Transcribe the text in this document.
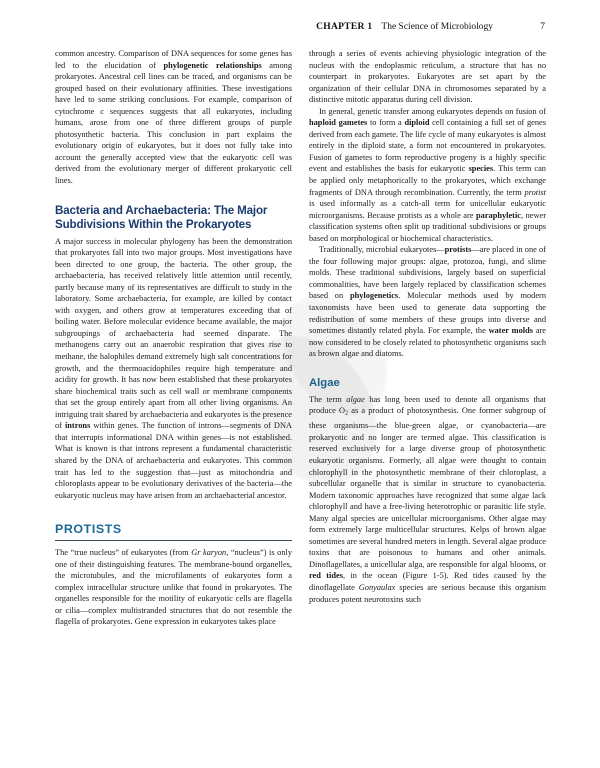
CHAPTER 1 The Science of Microbiology	7

common ancestry. Comparison of DNA sequences for some genes has led to the elucidation of phylogenetic relationships among prokaryotes. Ancestral cell lines can be traced, and organisms can be grouped based on their evolutionary affinities. These investigations have led to some striking conclusions. For example, comparison of cytochrome c sequences suggests that all eukaryotes, including humans, arose from one of three different groups of purple photosynthetic bacteria. This conclusion in part explains the evolutionary origin of eukaryotes, but it does not fully take into account the generally accepted view that the eukaryotic cell was derived from the evolutionary merger of different prokaryotic cell lines.

Bacteria and Archaebacteria: The Major Subdivisions Within the Prokaryotes

A major success in molecular phylogeny has been the demonstration that prokaryotes fall into two major groups. Most investigations have been directed to one group, the bacteria. The other group, the archaebacteria, has received relatively little attention until recently, partly because many of its representatives are difficult to study in the laboratory. Some archaebacteria, for example, are killed by contact with oxygen, and others grow at temperatures exceeding that of boiling water. Before molecular evidence became available, the major subgroupings of archaebacteria had seemed disparate. The methanogens carry out an anaerobic respiration that gives rise to methane, the halophiles demand extremely high salt concentrations for growth, and the thermoacidophiles require high temperature and acidity for growth. It has now been established that these prokaryotes share biochemical traits such as cell wall or membrane components that set the group entirely apart from all other living organisms. An intriguing trait shared by archaebacteria and eukaryotes is the presence of introns within genes. The function of introns—segments of DNA that interrupts informational DNA within genes—is not established. What is known is that introns represent a fundamental characteristic shared by the DNA of archaebacteria and eukaryotes. This common trait has led to the suggestion that—just as mitochondria and chloroplasts appear to be evolutionary derivatives of the bacteria—the eukaryotic nucleus may have arisen from an archaebacterial ancestor.

PROTISTS

The “true nucleus” of eukaryotes (from Gr karyon, “nucleus”) is only one of their distinguishing features. The membrane-bound organelles, the microtubules, and the microfilaments of eukaryotes form a complex intracellular structure unlike that found in prokaryotes. The organelles responsible for the motility of eukaryotic cells are flagella or cilia—complex multistranded structures that do not resemble the flagella of prokaryotes. Gene expression in eukaryotes takes place

through a series of events achieving physiologic integration of the nucleus with the endoplasmic reticulum, a structure that has no counterpart in prokaryotes. Eukaryotes are set apart by the organization of their cellular DNA in chromosomes separated by a distinctive mitotic apparatus during cell division.

In general, genetic transfer among eukaryotes depends on fusion of haploid gametes to form a diploid cell containing a full set of genes derived from each gamete. The life cycle of many eukaryotes is almost entirely in the diploid state, a form not encountered in prokaryotes. Fusion of gametes to form reproductive progeny is a highly specific event and establishes the basis for eukaryotic species. This term can be applied only metaphorically to the prokaryotes, which exchange fragments of DNA through recombination. Currently, the term protist is used informally as a catch-all term for unicellular eukaryotic microorganisms. Because protists as a whole are paraphyletic, newer classification systems often split up traditional subdivisions or groups based on morphological or biochemical characteristics.

Traditionally, microbial eukaryotes—protists—are placed in one of the four following major groups: algae, protozoa, fungi, and slime molds. These traditional subdivisions, largely based on superficial commonalities, have been largely replaced by classification schemes based on phylogenetics. Molecular methods used by modern taxonomists have been used to generate data supporting the redistribution of some members of these groups into diverse and sometimes distantly related phyla. For example, the water molds are now considered to be closely related to photosynthetic organisms such as brown algae and diatoms.

Algae

The term algae has long been used to denote all organisms that produce $O_2$ as a product of photosynthesis. One former subgroup of these organisms—the blue-green algae, or cyanobacteria—are prokaryotic and no longer are termed algae. This classification is reserved exclusively for a large diverse group of photosynthetic eukaryotic organisms. Formerly, all algae were thought to contain chlorophyll in the photosynthetic membrane of their chloroplast, a subcellular organelle that is similar in structure to cyanobacteria. Modern taxonomic approaches have recognized that some algae lack chlorophyll and have a free-living heterotrophic or parasitic life style. Many algal species are unicellular microorganisms. Other algae may form extremely large multicellular structures. Kelps of brown algae sometimes are several hundred meters in length. Several algae produce toxins that are poisonous to humans and other animals. Dinoflagellates, a unicellular alga, are responsible for algal blooms, or red tides, in the ocean (Figure 1-5). Red tides caused by the dinoflagellate Gonyaulax species are serious because this organism produces potent neurotoxins such
